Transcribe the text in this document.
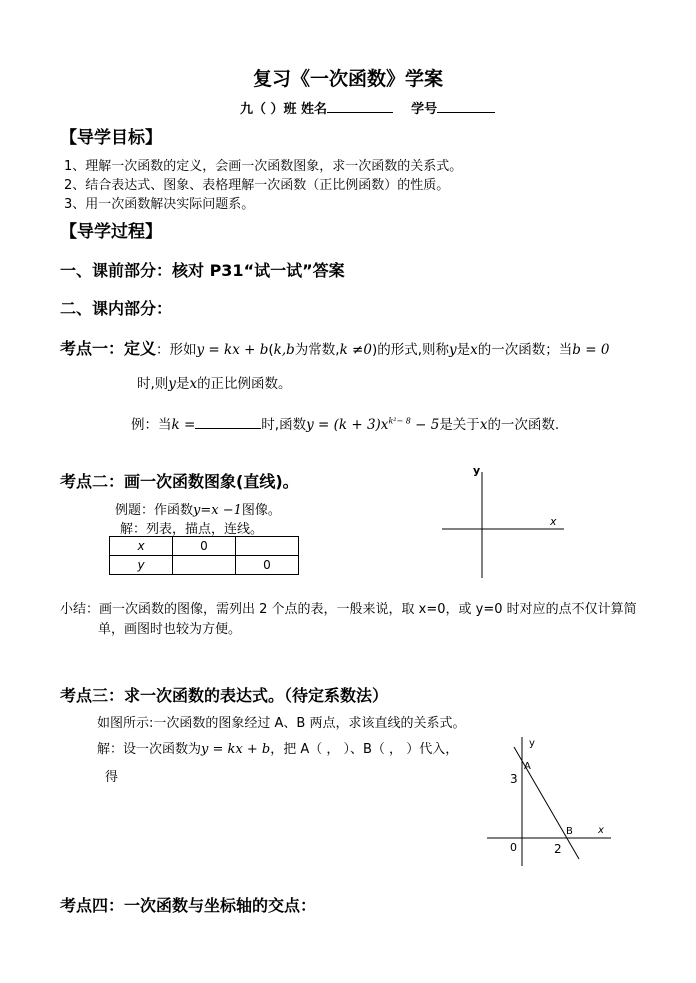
复习《一次函数》学案
九（ ）班 姓名	学号
【导学目标】
1、理解一次函数的定义，会画一次函数图象，求一次函数的关系式。
2、结合表达式、图象、表格理解一次函数（正比例函数）的性质。
3、用一次函数解决实际问题系。
【导学过程】
一、课前部分：核对 P31“试一试”答案
二、课内部分：
考点一：定义：形如y = kx + b(k,b为常数,k ≠0)的形式,则称y是x的一次函数；当b = 0
时,则y是x的正比例函数。
例：当k =	时,函数$y = (k + 3)x^{k^2- 8} - 5$是关于x的一次函数.
考点二：画一次函数图象(直线)。
例题：作函数y=x −1图像。
解：列表，描点，连线。
x	0	
y		0
x
y
小结：画一次函数的图像，需列出 2 个点的表，一般来说，取 x=0，或 y=0 时对应的点不仅计算简
单，画图时也较为方便。
考点三：求一次函数的表达式。（待定系数法）
如图所示:一次函数的图象经过 A、B 两点，求该直线的关系式。
解：设一次函数为y = kx + b，把 A（ ， ）、B（ ， ）代入，
得
x
y
A
B
3
2
0
考点四：一次函数与坐标轴的交点：
